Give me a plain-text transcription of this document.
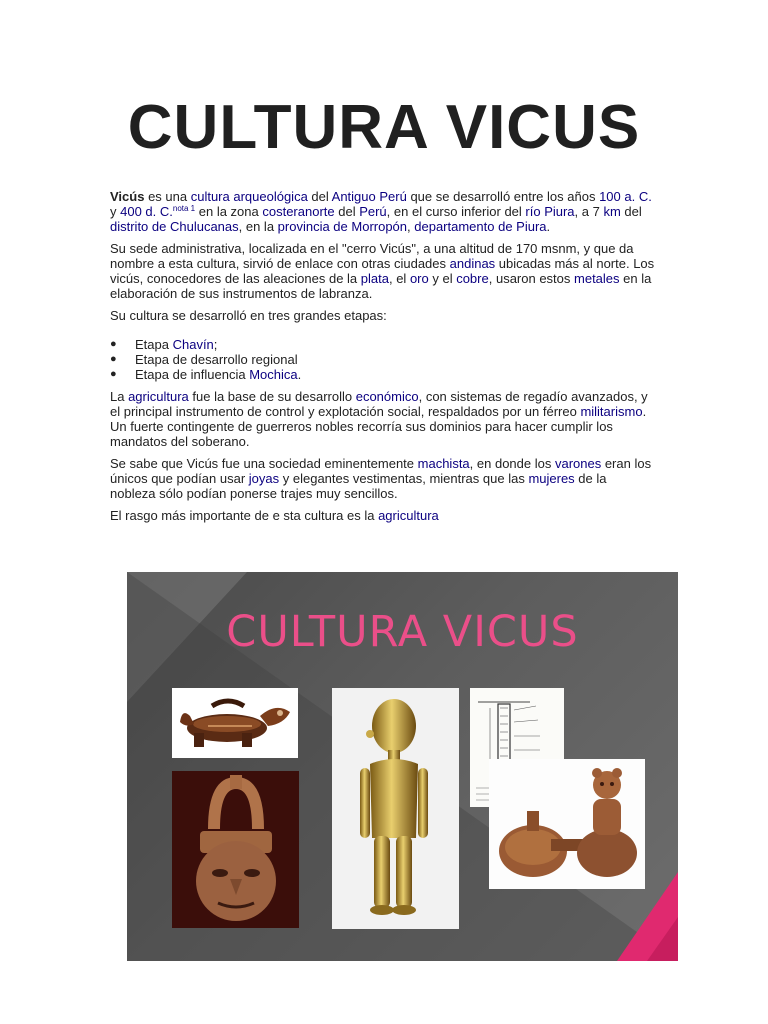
CULTURA VICUS

Vicús es una cultura arqueológica del Antiguo Perú que se desarrolló entre los años 100 a. C. y 400 d. C.$^{nota 1}$ en la zona costeranorte del Perú, en el curso inferior del río Piura, a 7 km del distrito de Chulucanas, en la provincia de Morropón, departamento de Piura.

Su sede administrativa, localizada en el "cerro Vicús", a una altitud de 170 msnm, y que da nombre a esta cultura, sirvió de enlace con otras ciudades andinas ubicadas más al norte. Los vicús, conocedores de las aleaciones de la plata, el oro y el cobre, usaron estos metales en la elaboración de sus instrumentos de labranza.

Su cultura se desarrolló en tres grandes etapas:

● Etapa Chavín;
● Etapa de desarrollo regional
● Etapa de influencia Mochica.

La agricultura fue la base de su desarrollo económico, con sistemas de regadío avanzados, y el principal instrumento de control y explotación social, respaldados por un férreo militarismo. Un fuerte contingente de guerreros nobles recorría sus dominios para hacer cumplir los mandatos del soberano.

Se sabe que Vicús fue una sociedad eminentemente machista, en donde los varones eran los únicos que podían usar joyas y elegantes vestimentas, mientras que las mujeres de la nobleza sólo podían ponerse trajes muy sencillos.

El rasgo más importante de e sta cultura es la agricultura

CULTURA VICUS
